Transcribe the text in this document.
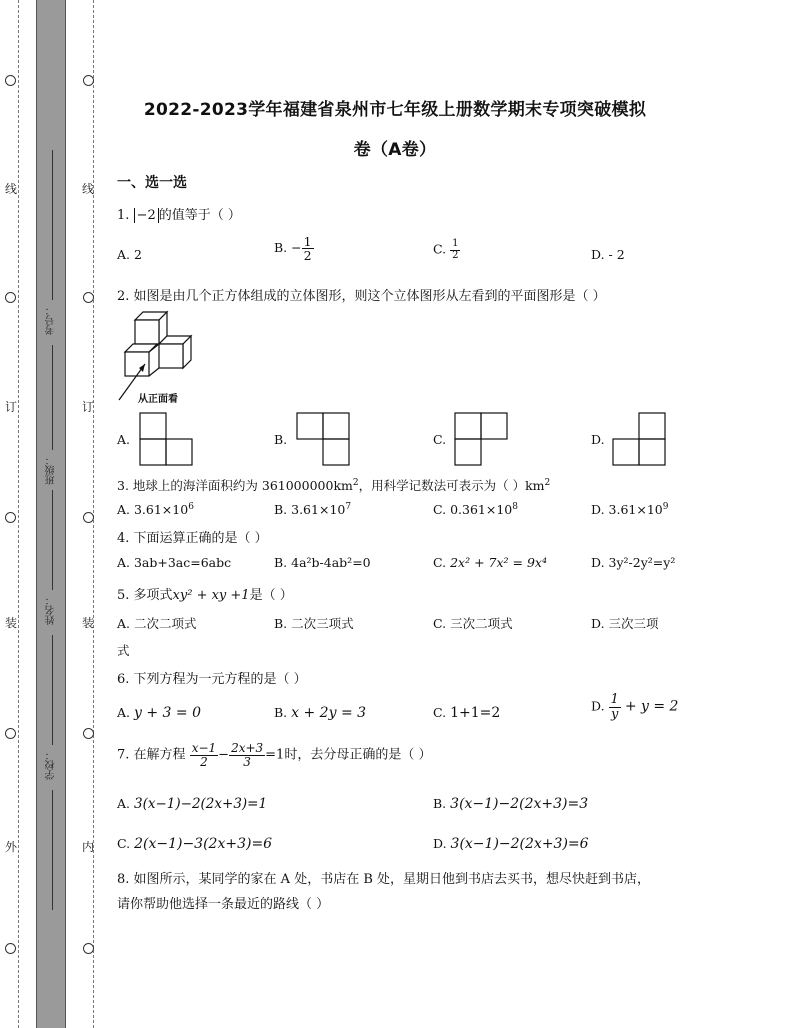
线
订
装
外
线
订
装
内
考号：
班级：
姓名：
学校：
2022-2023学年福建省泉州市七年级上册数学期末专项突破模拟
卷（A卷）
一、选一选
1. −2 的值等于（ ）
A. 2	B. − $\frac{1}{2}$	C. $\frac{1}{2}$	D. - 2
2. 如图是由几个正方体组成的立体图形，则这个立体图形从左看到的平面图形是（ ）
从正面看
A.	B.	C.	D.
3. 地球上的海洋面积约为 $361000000km^2$，用科学记数法可表示为（ ）$km^2$
A. $3.61\times 10^6$	B. $3.61\times 10^7$	C. $0.361\times 10^8$	D. $3.61\times 10^9$
4. 下面运算正确的是（ ）
A. 3ab+3ac=6abc	B. 4a²b-4ab²=0	C. 2x² + 7x² = 9x⁴	D. 3y²-2y²=y²
5. 多项式xy² + xy +1是（ ）
A. 二次二项式	B. 二次三项式	C. 三次二项式	D. 三次三项
式
6. 下列方程为一元方程的是（ ）
A. y + 3 = 0	B. x + 2y = 3	C. 1+1=2	D. $\frac{1}{y} + y = 2$
7. 在解方程 $\frac{x-1}{2} - \frac{2x+3}{3} =1$时，去分母正确的是（ ）
A. 3(x−1)−2(2x+3)=1	B. 3(x−1)−2(2x+3)=3
C. 2(x−1)−3(2x+3)=6	D. 3(x−1)−2(2x+3)=6
8. 如图所示，某同学的家在 A 处，书店在 B 处，星期日他到书店去买书，想尽快赶到书店，
请你帮助他选择一条最近的路线（ ）
